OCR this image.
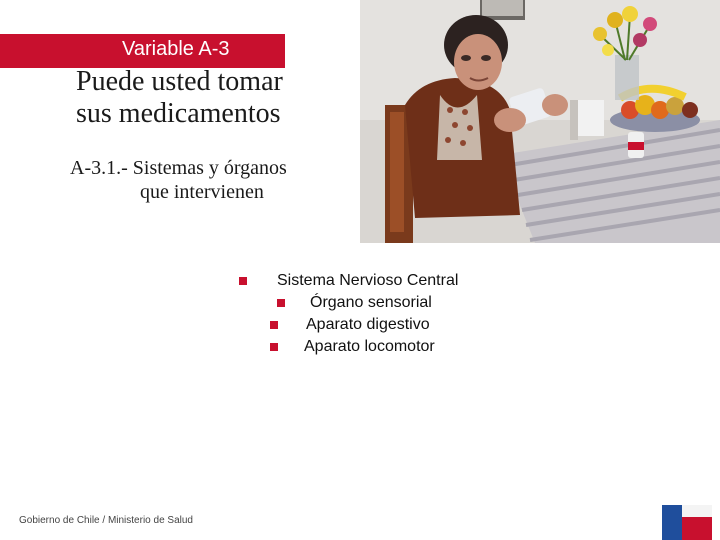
Variable A-3
Puede usted tomar
sus medicamentos
A-3.1.- Sistemas y órganos
que intervienen
Sistema Nervioso Central
Órgano sensorial
Aparato digestivo
Aparato locomotor
Gobierno de Chile / Ministerio de Salud
